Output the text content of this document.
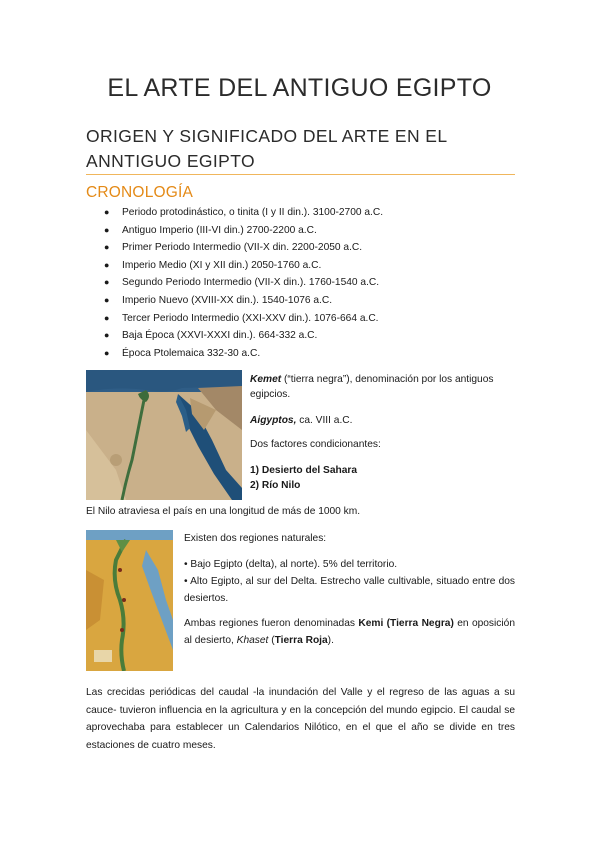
EL ARTE DEL ANTIGUO EGIPTO
ORIGEN Y SIGNIFICADO DEL ARTE EN EL ANNTIGUO EGIPTO
CRONOLOGÍA
● Periodo protodinástico, o tinita (I y II din.). 3100-2700 a.C.
● Antiguo Imperio (III-VI din.) 2700-2200 a.C.
● Primer Periodo Intermedio (VII-X din. 2200-2050 a.C.
● Imperio Medio (XI y XII din.) 2050-1760 a.C.
● Segundo Periodo Intermedio (VII-X din.). 1760-1540 a.C.
● Imperio Nuevo (XVIII-XX din.). 1540-1076 a.C.
● Tercer Periodo Intermedio (XXI-XXV din.). 1076-664 a.C.
● Baja Época (XXVI-XXXI din.). 664-332 a.C.
● Época Ptolemaica 332-30 a.C.
Kemet (“tierra negra”), denominación por los antiguos
egipcios.
Aigyptos, ca. VIII a.C.
Dos factores condicionantes:
1) Desierto del Sahara
2) Río Nilo
El Nilo atraviesa el país en una longitud de más de 1000 km.
Existen dos regiones naturales:
• Bajo Egipto (delta), al norte). 5% del territorio.
• Alto Egipto, al sur del Delta. Estrecho valle cultivable, situado entre dos desiertos.
Ambas regiones fueron denominadas Kemi (Tierra Negra) en oposición al desierto, Khaset (Tierra Roja).
Las crecidas periódicas del caudal -la inundación del Valle y el regreso de las aguas a su cauce- tuvieron influencia en la agricultura y en la concepción del mundo egipcio. El caudal se aprovechaba para establecer un Calendarios Nilótico, en el que el año se divide en tres estaciones de cuatro meses.
